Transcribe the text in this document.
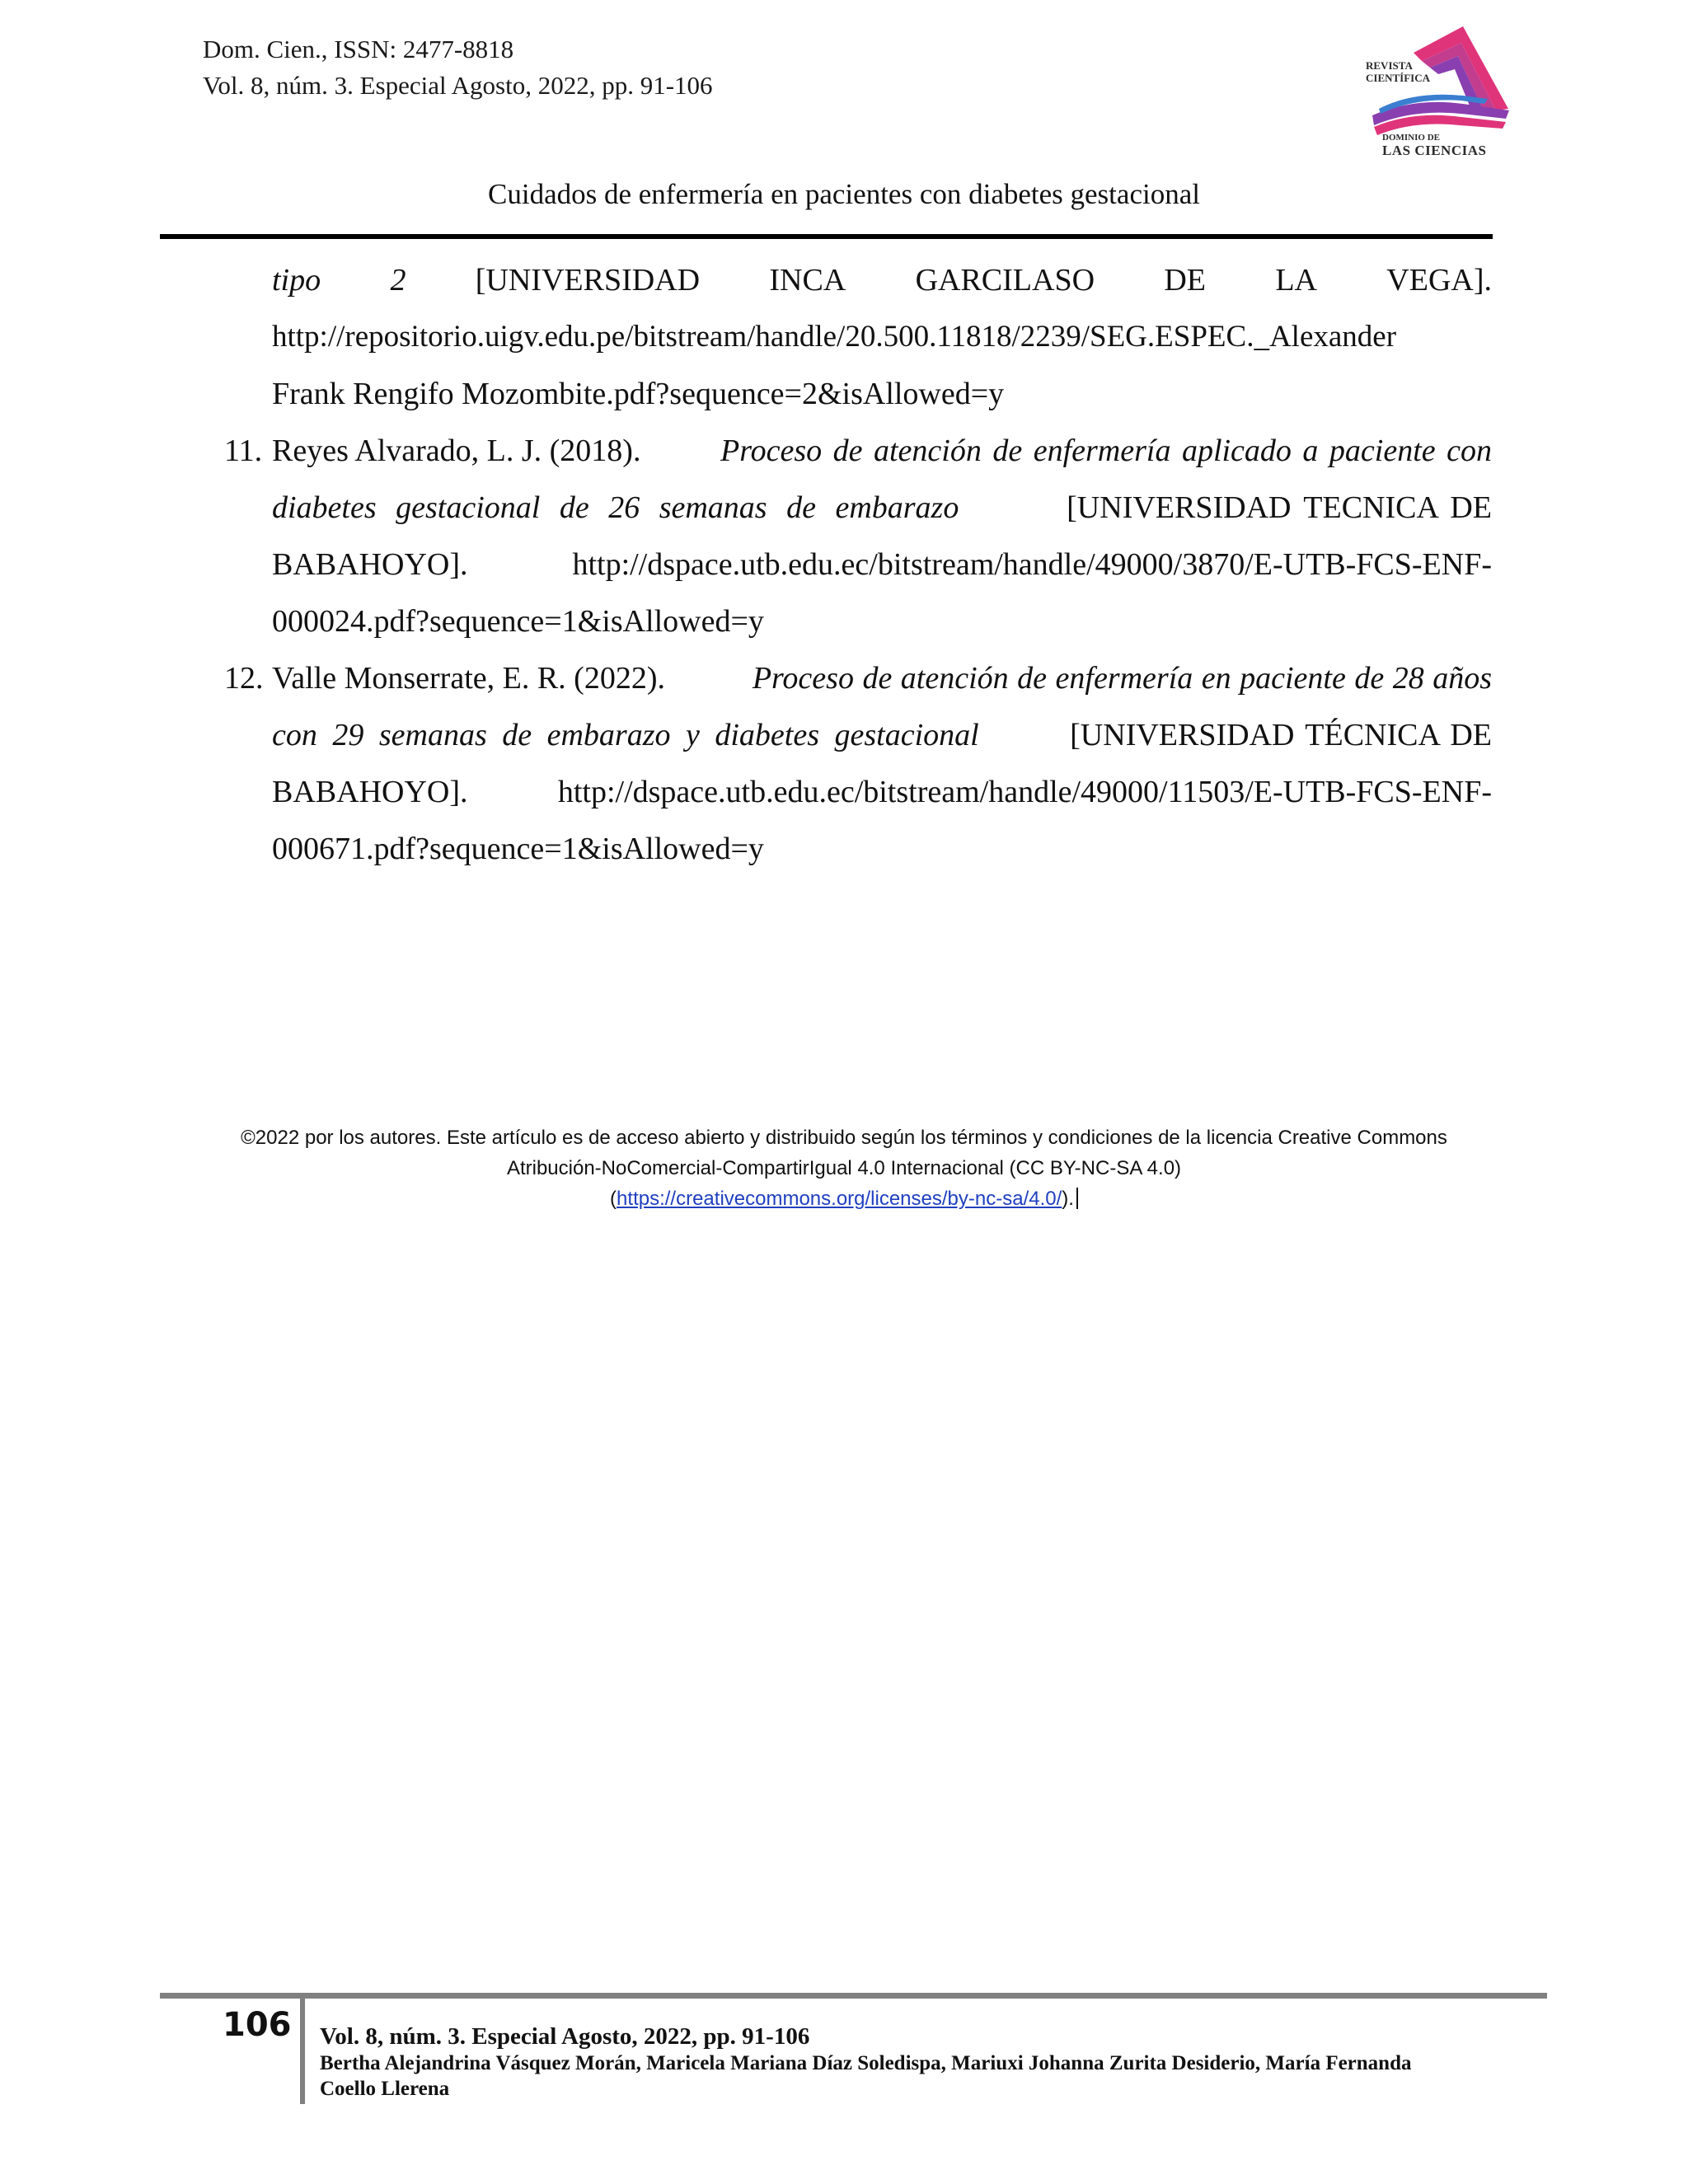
Dom. Cien., ISSN: 2477-8818
Vol. 8, núm. 3. Especial Agosto, 2022, pp. 91-106
REVISTA
CIENTÍFICA
DOMINIO DE
LAS CIENCIAS
Cuidados de enfermería en pacientes con diabetes gestacional
tipo 2 [UNIVERSIDAD INCA GARCILASO DE LA VEGA].
http://repositorio.uigv.edu.pe/bitstream/handle/20.500.11818/2239/SEG.ESPEC._Alexander
Frank Rengifo Mozombite.pdf?sequence=2&isAllowed=y
11. Reyes Alvarado, L. J. (2018).	Proceso de atención de enfermería aplicado a paciente con
diabetes gestacional de 26 semanas de embarazo	[UNIVERSIDAD TECNICA DE
BABAHOYO].	http://dspace.utb.edu.ec/bitstream/handle/49000/3870/E-UTB-FCS-ENF-
000024.pdf?sequence=1&isAllowed=y
12. Valle Monserrate, E. R. (2022).	Proceso de atención de enfermería en paciente de 28 años
con 29 semanas de embarazo y diabetes gestacional	[UNIVERSIDAD TÉCNICA DE
BABAHOYO].	http://dspace.utb.edu.ec/bitstream/handle/49000/11503/E-UTB-FCS-ENF-
000671.pdf?sequence=1&isAllowed=y
©2022 por los autores. Este artículo es de acceso abierto y distribuido según los términos y condiciones de la licencia Creative Commons
Atribución-NoComercial-CompartirIgual 4.0 Internacional (CC BY-NC-SA 4.0)
(https://creativecommons.org/licenses/by-nc-sa/4.0/).
106 Vol. 8, núm. 3. Especial Agosto, 2022, pp. 91-106
Bertha Alejandrina Vásquez Morán, Maricela Mariana Díaz Soledispa, Mariuxi Johanna Zurita Desiderio, María Fernanda
Coello Llerena
